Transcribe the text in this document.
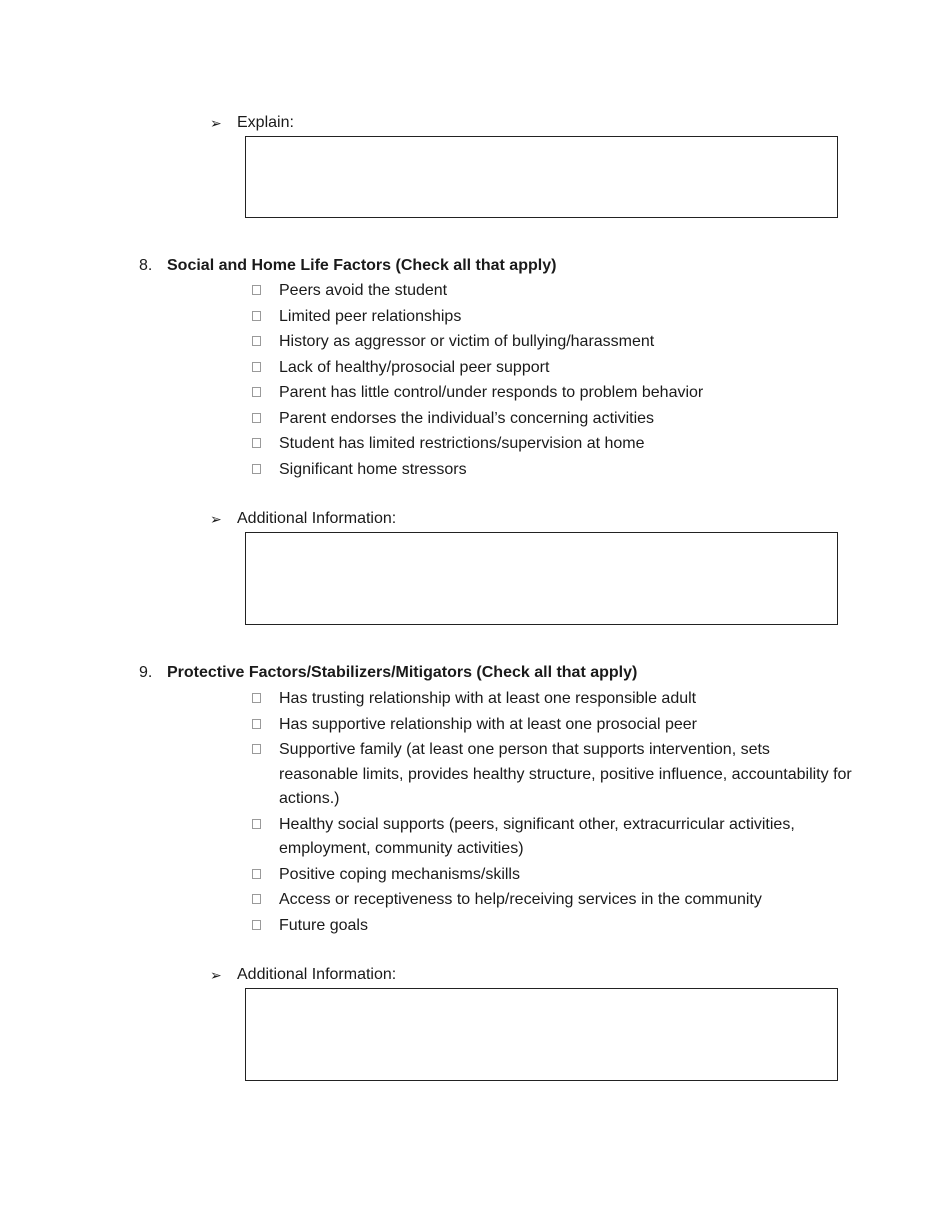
➢ Explain:
8. Social and Home Life Factors (Check all that apply)
Peers avoid the student
Limited peer relationships
History as aggressor or victim of bullying/harassment
Lack of healthy/prosocial peer support
Parent has little control/under responds to problem behavior
Parent endorses the individual’s concerning activities
Student has limited restrictions/supervision at home
Significant home stressors
➢ Additional Information:
9. Protective Factors/Stabilizers/Mitigators (Check all that apply)
Has trusting relationship with at least one responsible adult
Has supportive relationship with at least one prosocial peer
Supportive family (at least one person that supports intervention, sets reasonable limits, provides healthy structure, positive influence, accountability for actions.)
Healthy social supports (peers, significant other, extracurricular activities, employment, community activities)
Positive coping mechanisms/skills
Access or receptiveness to help/receiving services in the community
Future goals
➢ Additional Information:
